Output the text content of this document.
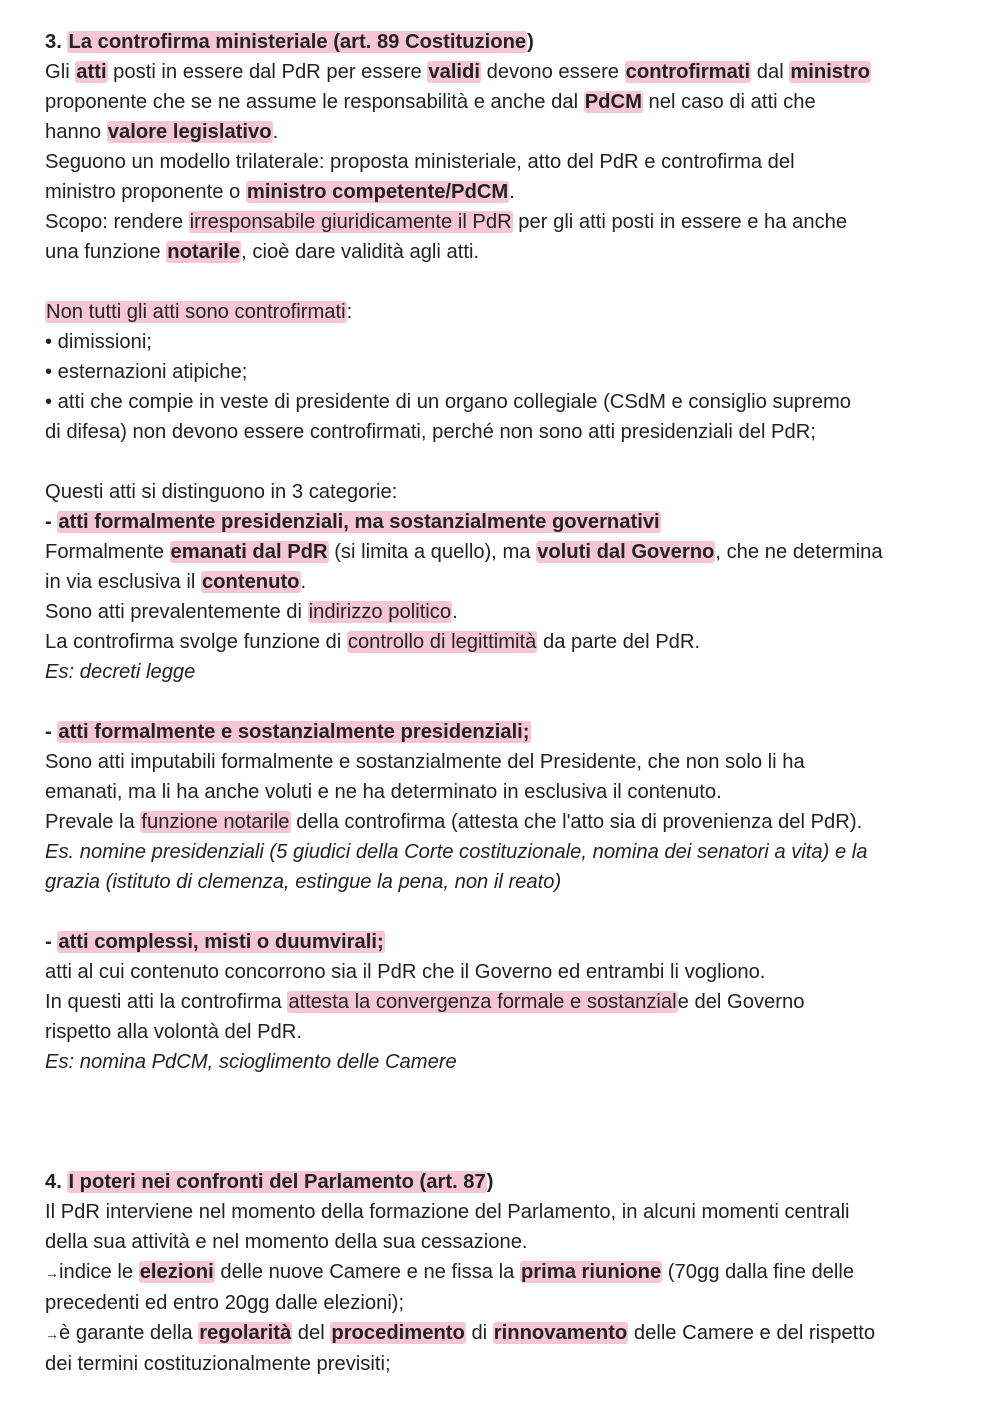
3. La controfirma ministeriale (art. 89 Costituzione)

Gli atti posti in essere dal PdR per essere validi devono essere controfirmati dal ministro

proponente che se ne assume le responsabilità e anche dal PdCM nel caso di atti che

hanno valore legislativo.

Seguono un modello trilaterale: proposta ministeriale, atto del PdR e controfirma del

ministro proponente o ministro competente/PdCM.

Scopo: rendere irresponsabile giuridicamente il PdR per gli atti posti in essere e ha anche

una funzione notarile, cioè dare validità agli atti.

Non tutti gli atti sono controfirmati:

• dimissioni;

• esternazioni atipiche;

• atti che compie in veste di presidente di un organo collegiale (CSdM e consiglio supremo

di difesa) non devono essere controfirmati, perché non sono atti presidenziali del PdR;

Questi atti si distinguono in 3 categorie:

- atti formalmente presidenziali, ma sostanzialmente governativi

Formalmente emanati dal PdR (si limita a quello), ma voluti dal Governo, che ne determina

in via esclusiva il contenuto.

Sono atti prevalentemente di indirizzo politico.

La controfirma svolge funzione di controllo di legittimità da parte del PdR.

Es: decreti legge

- atti formalmente e sostanzialmente presidenziali;

Sono atti imputabili formalmente e sostanzialmente del Presidente, che non solo li ha

emanati, ma li ha anche voluti e ne ha determinato in esclusiva il contenuto.

Prevale la funzione notarile della controfirma (attesta che l'atto sia di provenienza del PdR).

Es. nomine presidenziali (5 giudici della Corte costituzionale, nomina dei senatori a vita) e la

grazia (istituto di clemenza, estingue la pena, non il reato)

- atti complessi, misti o duumvirali;

atti al cui contenuto concorrono sia il PdR che il Governo ed entrambi li vogliono.

In questi atti la controfirma attesta la convergenza formale e sostanziale del Governo

rispetto alla volontà del PdR.

Es: nomina PdCM, scioglimento delle Camere

4. I poteri nei confronti del Parlamento (art. 87)

Il PdR interviene nel momento della formazione del Parlamento, in alcuni momenti centrali

della sua attività e nel momento della sua cessazione.

→indice le elezioni delle nuove Camere e ne fissa la prima riunione (70gg dalla fine delle

precedenti ed entro 20gg dalle elezioni);

→è garante della regolarità del procedimento di rinnovamento delle Camere e del rispetto

dei termini costituzionalmente previsiti;
